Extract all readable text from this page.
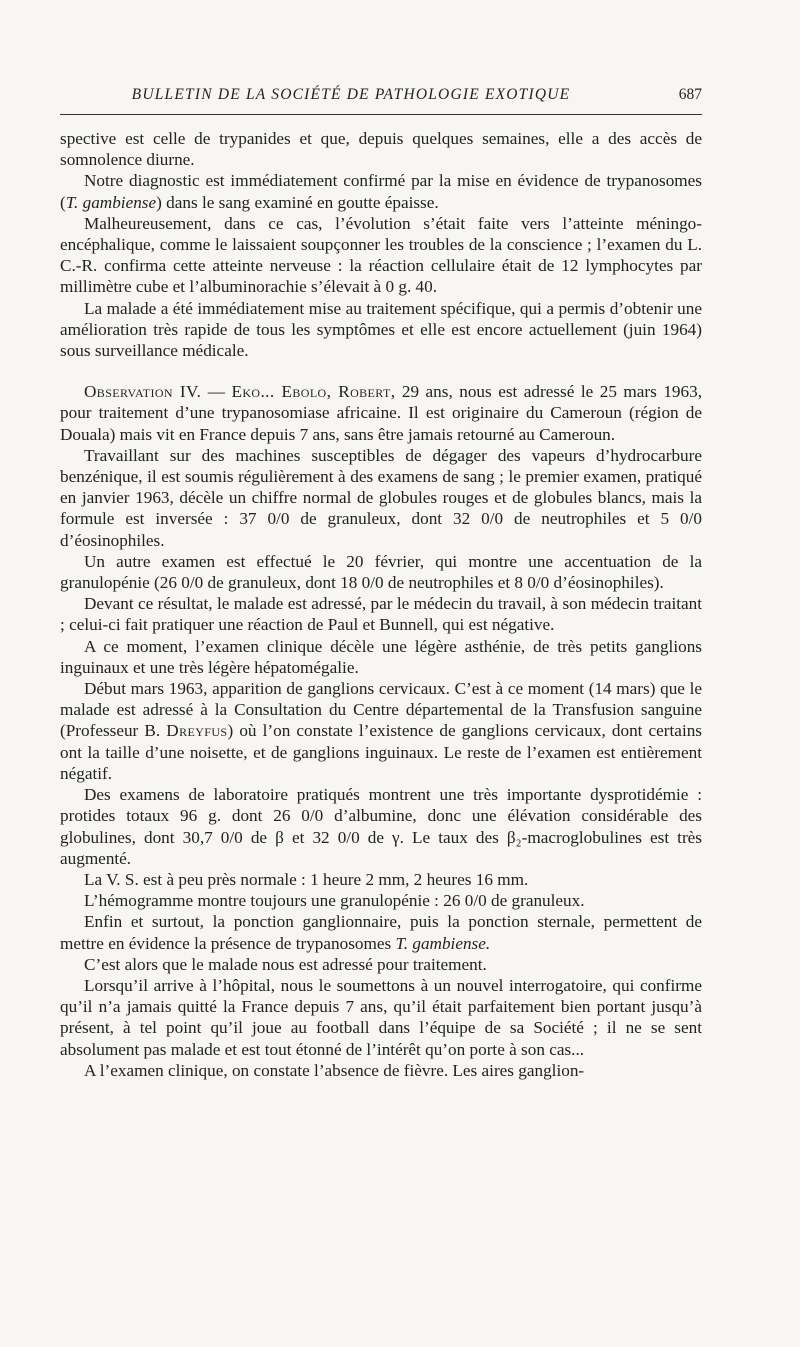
BULLETIN DE LA SOCIÉTÉ DE PATHOLOGIE EXOTIQUE	687

spective est celle de trypanides et que, depuis quelques semaines, elle a des accès de somnolence diurne.

Notre diagnostic est immédiatement confirmé par la mise en évidence de trypanosomes (T. gambiense) dans le sang examiné en goutte épaisse.

Malheureusement, dans ce cas, l’évolution s’était faite vers l’atteinte méningo-encéphalique, comme le laissaient soupçonner les troubles de la conscience ; l’examen du L. C.-R. confirma cette atteinte nerveuse : la réaction cellulaire était de 12 lymphocytes par millimètre cube et l’albuminorachie s’élevait à 0 g. 40.

La malade a été immédiatement mise au traitement spécifique, qui a permis d’obtenir une amélioration très rapide de tous les symptômes et elle est encore actuellement (juin 1964) sous surveillance médicale.

Observation IV. — Eko... Ebolo, Robert, 29 ans, nous est adressé le 25 mars 1963, pour traitement d’une trypanosomiase africaine. Il est originaire du Cameroun (région de Douala) mais vit en France depuis 7 ans, sans être jamais retourné au Cameroun.

Travaillant sur des machines susceptibles de dégager des vapeurs d’hydrocarbure benzénique, il est soumis régulièrement à des examens de sang ; le premier examen, pratiqué en janvier 1963, décèle un chiffre normal de globules rouges et de globules blancs, mais la formule est inversée : 37 0/0 de granuleux, dont 32 0/0 de neutrophiles et 5 0/0 d’éosinophiles.

Un autre examen est effectué le 20 février, qui montre une accentuation de la granulopénie (26 0/0 de granuleux, dont 18 0/0 de neutrophiles et 8 0/0 d’éosinophiles).

Devant ce résultat, le malade est adressé, par le médecin du travail, à son médecin traitant ; celui-ci fait pratiquer une réaction de Paul et Bunnell, qui est négative.

A ce moment, l’examen clinique décèle une légère asthénie, de très petits ganglions inguinaux et une très légère hépatomégalie.

Début mars 1963, apparition de ganglions cervicaux. C’est à ce moment (14 mars) que le malade est adressé à la Consultation du Centre départemental de la Transfusion sanguine (Professeur B. Dreyfus) où l’on constate l’existence de ganglions cervicaux, dont certains ont la taille d’une noisette, et de ganglions inguinaux. Le reste de l’examen est entièrement négatif.

Des examens de laboratoire pratiqués montrent une très importante dysprotidémie : protides totaux 96 g. dont 26 0/0 d’albumine, donc une élévation considérable des globulines, dont 30,7 0/0 de β et 32 0/0 de γ. Le taux des β₂-macroglobulines est très augmenté.

La V. S. est à peu près normale : 1 heure 2 mm, 2 heures 16 mm.

L’hémogramme montre toujours une granulopénie : 26 0/0 de granuleux.

Enfin et surtout, la ponction ganglionnaire, puis la ponction sternale, permettent de mettre en évidence la présence de trypanosomes T. gambiense.

C’est alors que le malade nous est adressé pour traitement.

Lorsqu’il arrive à l’hôpital, nous le soumettons à un nouvel interrogatoire, qui confirme qu’il n’a jamais quitté la France depuis 7 ans, qu’il était parfaitement bien portant jusqu’à présent, à tel point qu’il joue au football dans l’équipe de sa Société ; il ne se sent absolument pas malade et est tout étonné de l’intérêt qu’on porte à son cas...

A l’examen clinique, on constate l’absence de fièvre. Les aires ganglion-
